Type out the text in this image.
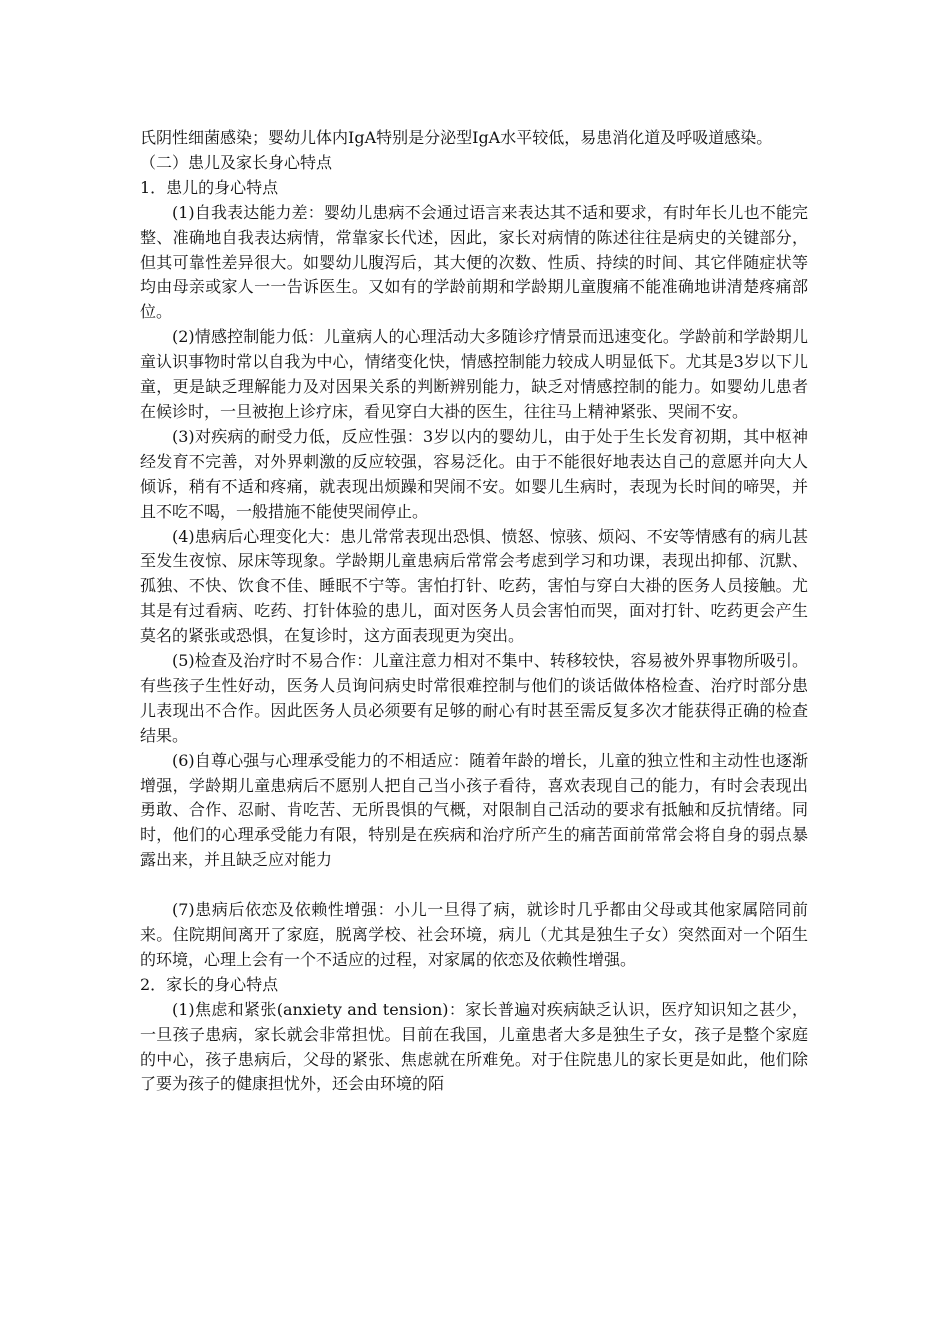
氏阴性细菌感染；婴幼儿体内IgA特别是分泌型IgA水平较低，易患消化道及呼吸道感染。

（二）患儿及家长身心特点

1．患儿的身心特点

(1)自我表达能力差：婴幼儿患病不会通过语言来表达其不适和要求，有时年长儿也不能完整、准确地自我表达病情，常靠家长代述，因此，家长对病情的陈述往往是病史的关键部分，但其可靠性差异很大。如婴幼儿腹泻后，其大便的次数、性质、持续的时间、其它伴随症状等均由母亲或家人一一告诉医生。又如有的学龄前期和学龄期儿童腹痛不能准确地讲清楚疼痛部位。

(2)情感控制能力低：儿童病人的心理活动大多随诊疗情景而迅速变化。学龄前和学龄期儿童认识事物时常以自我为中心，情绪变化快，情感控制能力较成人明显低下。尤其是3岁以下儿童，更是缺乏理解能力及对因果关系的判断辨别能力，缺乏对情感控制的能力。如婴幼儿患者在候诊时，一旦被抱上诊疗床，看见穿白大褂的医生，往往马上精神紧张、哭闹不安。

(3)对疾病的耐受力低，反应性强：3岁以内的婴幼儿，由于处于生长发育初期，其中枢神经发育不完善，对外界刺激的反应较强，容易泛化。由于不能很好地表达自己的意愿并向大人倾诉，稍有不适和疼痛，就表现出烦躁和哭闹不安。如婴儿生病时，表现为长时间的啼哭，并且不吃不喝，一般措施不能使哭闹停止。

(4)患病后心理变化大：患儿常常表现出恐惧、愤怒、惊骇、烦闷、不安等情感有的病儿甚至发生夜惊、尿床等现象。学龄期儿童患病后常常会考虑到学习和功课，表现出抑郁、沉默、孤独、不快、饮食不佳、睡眠不宁等。害怕打针、吃药，害怕与穿白大褂的医务人员接触。尤其是有过看病、吃药、打针体验的患儿，面对医务人员会害怕而哭，面对打针、吃药更会产生莫名的紧张或恐惧，在复诊时，这方面表现更为突出。

(5)检查及治疗时不易合作：儿童注意力相对不集中、转移较快，容易被外界事物所吸引。有些孩子生性好动，医务人员询问病史时常很难控制与他们的谈话做体格检查、治疗时部分患儿表现出不合作。因此医务人员必须要有足够的耐心有时甚至需反复多次才能获得正确的检查结果。

(6)自尊心强与心理承受能力的不相适应：随着年龄的增长，儿童的独立性和主动性也逐渐增强，学龄期儿童患病后不愿别人把自己当小孩子看待，喜欢表现自己的能力，有时会表现出勇敢、合作、忍耐、肯吃苦、无所畏惧的气概，对限制自己活动的要求有抵触和反抗情绪。同时，他们的心理承受能力有限，特别是在疾病和治疗所产生的痛苦面前常常会将自身的弱点暴露出来，并且缺乏应对能力

(7)患病后依恋及依赖性增强：小儿一旦得了病，就诊时几乎都由父母或其他家属陪同前来。住院期间离开了家庭，脱离学校、社会环境，病儿（尤其是独生子女）突然面对一个陌生的环境，心理上会有一个不适应的过程，对家属的依恋及依赖性增强。

2．家长的身心特点

(1)焦虑和紧张(anxiety and tension)：家长普遍对疾病缺乏认识，医疗知识知之甚少，一旦孩子患病，家长就会非常担忧。目前在我国，儿童患者大多是独生子女，孩子是整个家庭的中心，孩子患病后，父母的紧张、焦虑就在所难免。对于住院患儿的家长更是如此，他们除了要为孩子的健康担忧外，还会由环境的陌
